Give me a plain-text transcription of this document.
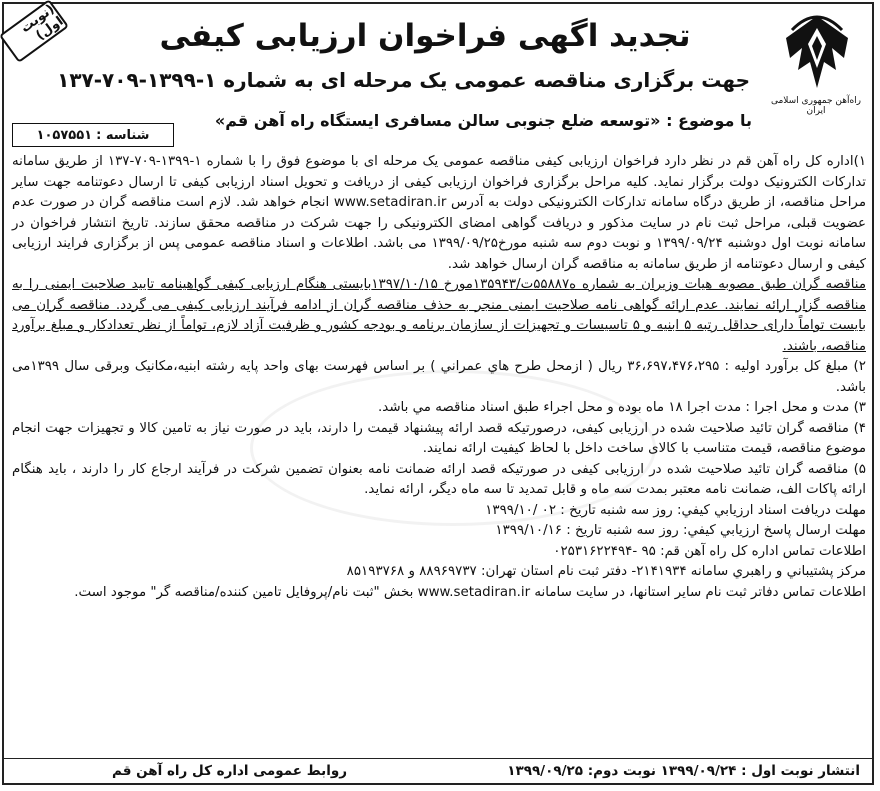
(نوبت اول)
راه‌آهن جمهوری اسلامی ایران
تجدید اگهی فراخوان ارزیابی کیفی
جهت برگزاری مناقصه عمومی یک مرحله ای به شماره ۱-۱۳۹۹-۷۰۹-۱۳۷
با موضوع : «توسعه ضلع جنوبی سالن مسافری ایستگاه راه آهن قم»
شناسه :
۱۰۵۷۵۵۱

۱)اداره کل راه آهن قم در نظر دارد فراخوان ارزیابی کیفی مناقصه عمومی یک مرحله ای با موضوع فوق را با شماره ۱-۱۳۹۹-۷۰۹-۱۳۷ از طریق سامانه تدارکات الکترونیک دولت برگزار نماید. کلیه مراحل برگزاری فراخوان ارزیابی کیفی از دریافت و تحویل اسناد ارزیابی کیفی تا ارسال دعوتنامه جهت سایر مراحل مناقصه، از طریق درگاه سامانه تدارکات الکترونیکی دولت به آدرس www.setadiran.ir انجام خواهد شد. لازم است مناقصه گران در صورت عدم عضویت قبلی، مراحل ثبت نام در سایت مذکور و دریافت گواهی امضای الکترونیکی را جهت شرکت در مناقصه محقق سازند. تاریخ انتشار فراخوان در سامانه نوبت اول دوشنبه ۱۳۹۹/۰۹/۲۴ و نوبت دوم سه شنبه مورخ۱۳۹۹/۰۹/۲۵ می باشد. اطلاعات و اسناد مناقصه عمومی پس از برگزاری فرایند ارزیابی کیفی و ارسال دعوتنامه از طریق سامانه به مناقصه گران ارسال خواهد شد.

مناقصه گران طبق مصوبه هیات وزیران به شماره ه۵۵۸۸۷ت/۱۳۵۹۴۳مورخ ۱۳۹۷/۱۰/۱۵بایستی هنگام ارزیابی کیفی گواهینامه تایید صلاحیت ایمنی را به مناقصه گزار ارائه نمایند. عدم ارائه گواهی نامه صلاحیت ایمنی منجر به حذف مناقصه گران از ادامه فرآیند ارزیابی کیفی می گردد. مناقصه گران می بایست تواماً دارای حداقل رتبه ۵ ابنیه و ۵ تاسیسات و تجهیزات از سازمان برنامه و بودجه کشور و ظرفیت آزاد لازم، تواماً از نظر تعدادکار و مبلغ برآورد مناقصه، باشند.

۲) مبلغ کل برآورد اولیه : ۳۶،۶۹۷،۴۷۶،۲۹۵ ریال ( ازمحل طرح هاي عمراني ) بر اساس فهرست بهای واحد پایه رشته ابنیه،مکانیک وبرقی سال ۱۳۹۹می باشد.

۳) مدت و محل اجرا : مدت اجرا ۱۸ ماه بوده و محل اجراء طبق اسناد مناقصه مي باشد.

۴) مناقصه گران تائید صلاحیت شده در ارزیابی کیفی، درصورتیکه قصد ارائه پیشنهاد قیمت را دارند، باید در صورت نیاز به تامین کالا و تجهیزات جهت انجام موضوع مناقصه، قیمت متناسب با کالای ساخت داخل با لحاظ کیفیت ارائه نمایند.

۵) مناقصه گران تائید صلاحیت شده در ارزیابی کیفی در صورتیکه قصد ارائه ضمانت نامه بعنوان تضمین شرکت در فرآیند ارجاع کار را دارند ، باید هنگام ارائه پاکات الف، ضمانت نامه معتبر بمدت سه ماه و قابل تمدید تا سه ماه دیگر، ارائه نماید.

مهلت دریافت اسناد ارزيابي كيفي: روز سه شنبه تاریخ : ۰۲ /۱۳۹۹/۱۰

مهلت ارسال پاسخ ارزيابي كيفي: روز سه شنبه تاریخ : ۱۳۹۹/۱۰/۱۶

اطلاعات تماس اداره کل راه آهن قم: ۹۵ -۰۲۵۳۱۶۲۲۴۹۴

مرکز پشتيباني و راهبري سامانه ۲۱۴۱۹۳۴- دفتر ثبت نام استان تهران: ۸۸۹۶۹۷۳۷ و ۸۵۱۹۳۷۶۸

اطلاعات تماس دفاتر ثبت نام سایر استانها، در سایت سامانه www.setadiran.ir بخش "ثبت نام/پروفایل تامین کننده/مناقصه گر" موجود است.

انتشار نوبت اول : ۱۳۹۹/۰۹/۲۴ نوبت دوم: ۱۳۹۹/۰۹/۲۵
روابط عمومی اداره کل راه آهن قم
